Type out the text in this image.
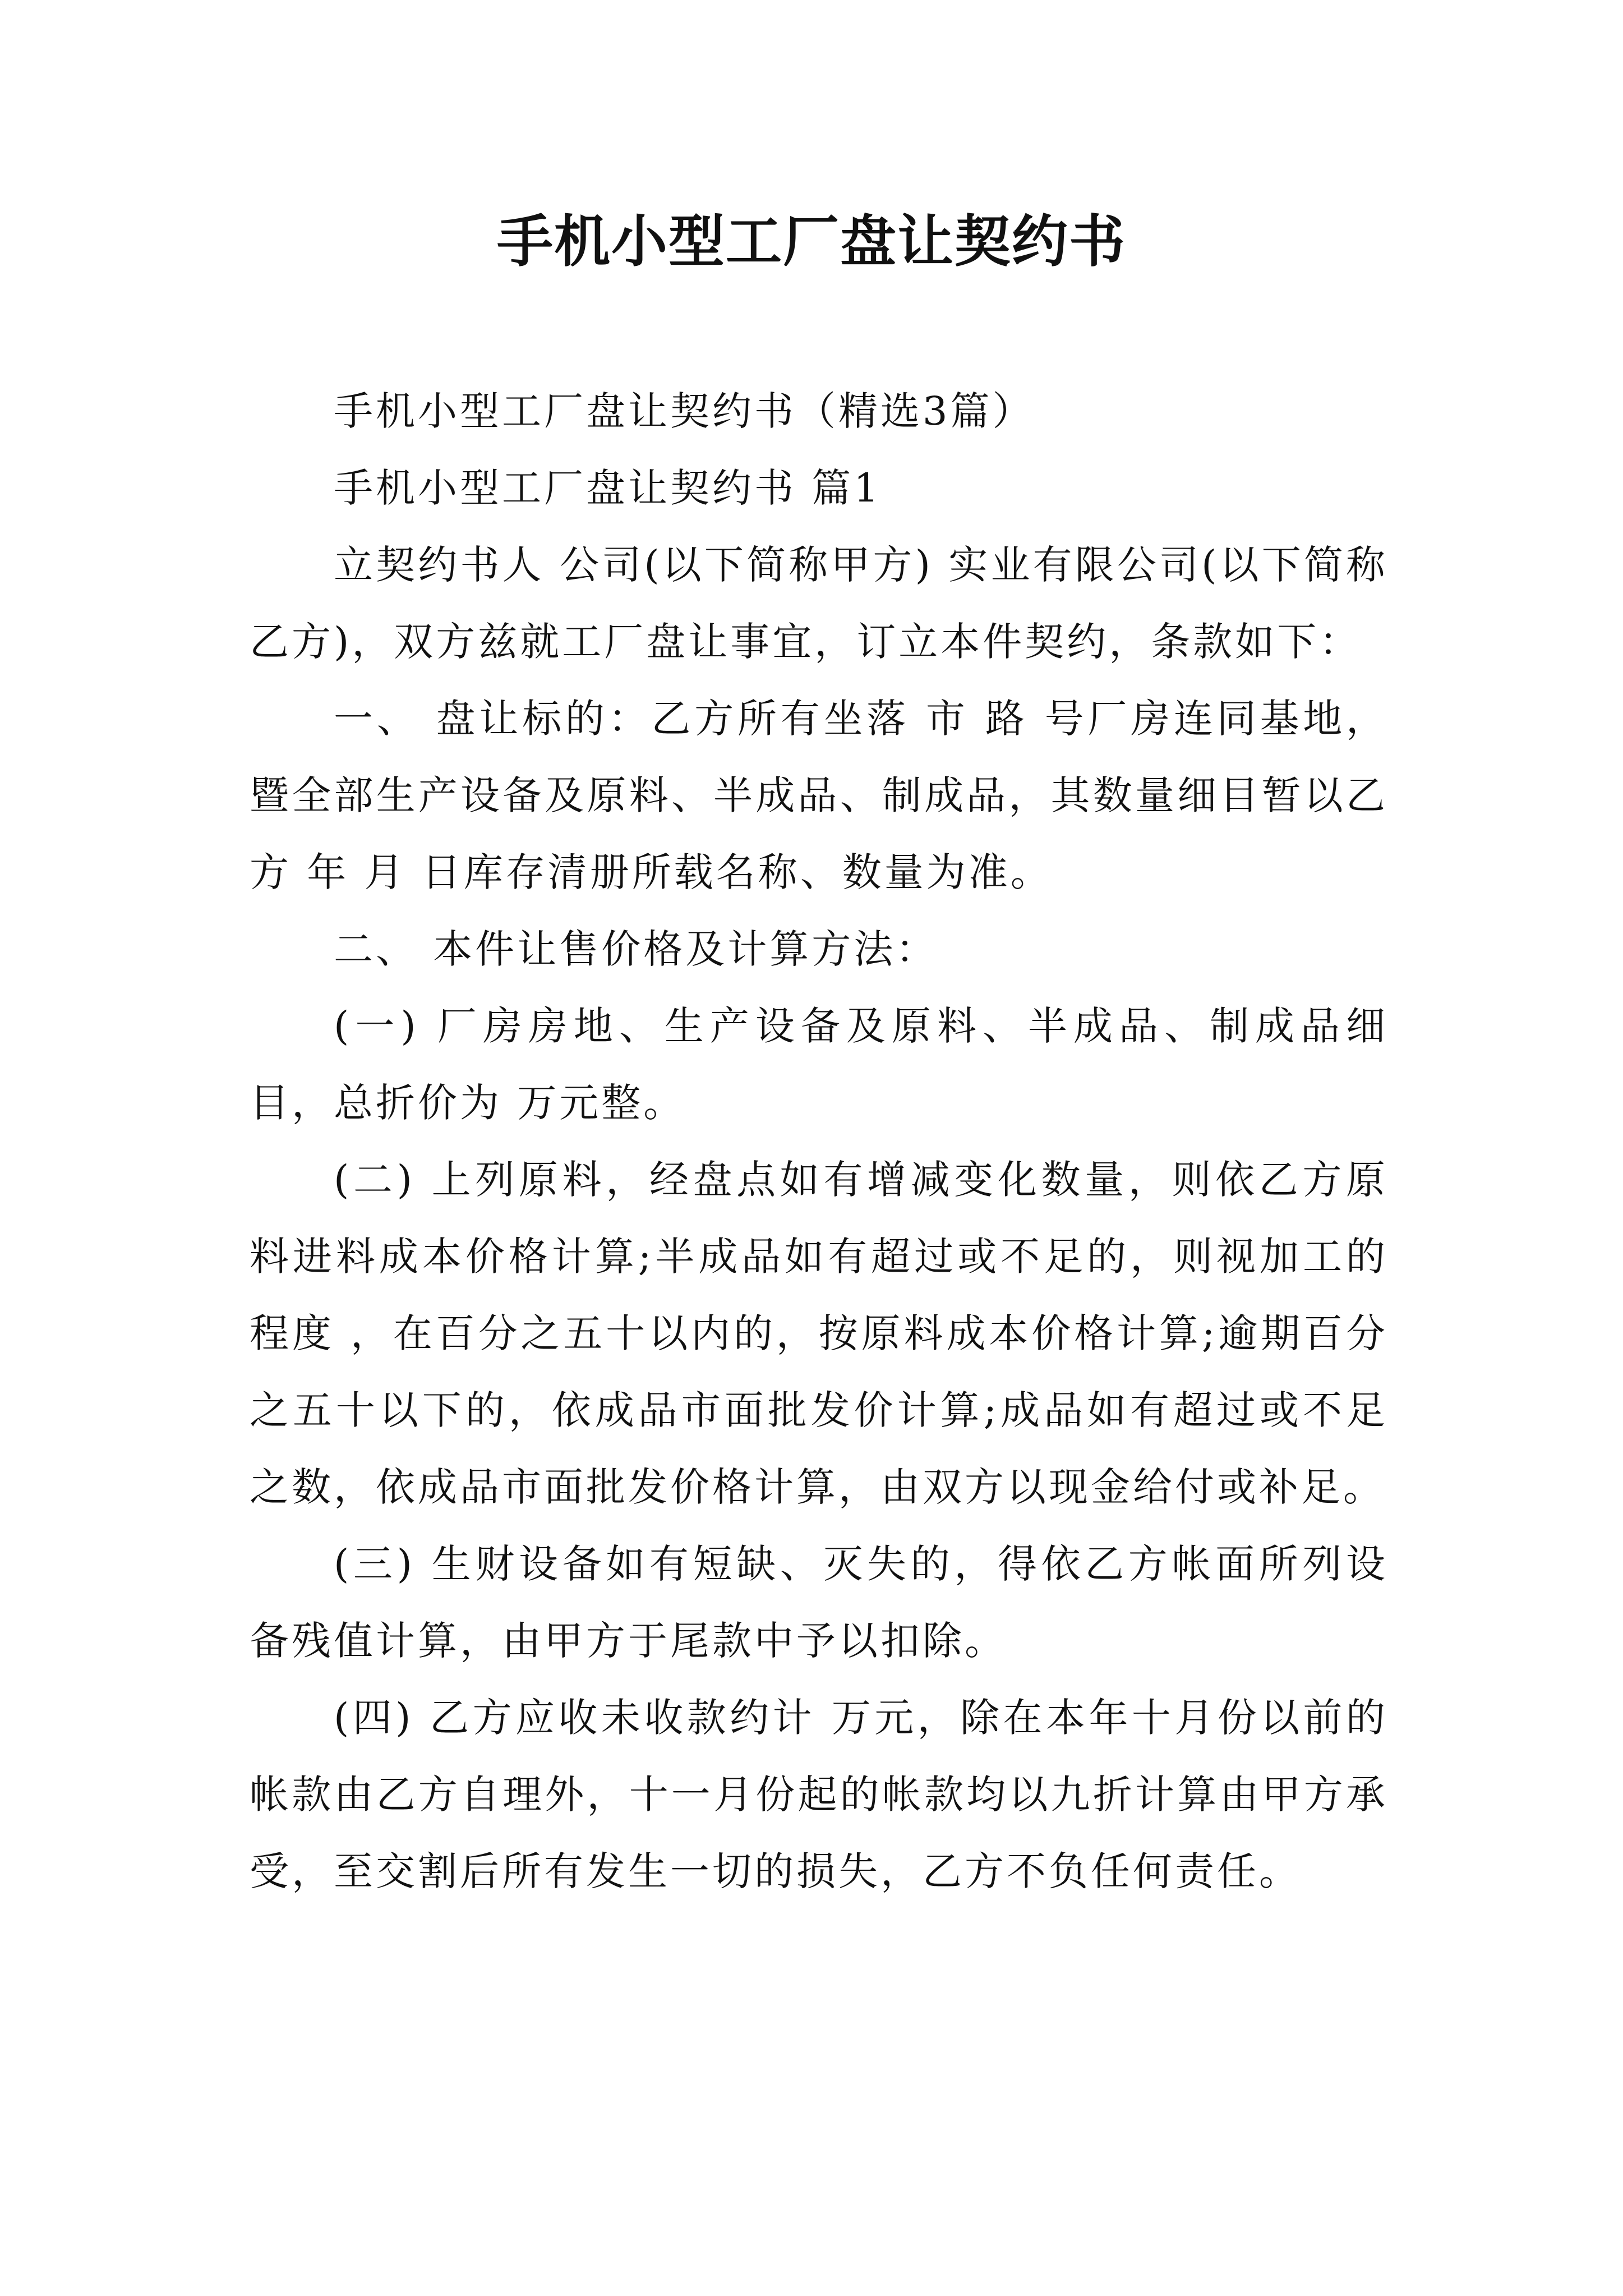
手机小型工厂盘让契约书

手机小型工厂盘让契约书（精选3篇）

手机小型工厂盘让契约书 篇1

立契约书人 公司(以下简称甲方) 实业有限公司(以下简称乙方)，双方兹就工厂盘让事宜，订立本件契约，条款如下：

一、 盘让标的：乙方所有坐落 市 路 号厂房连同基地，暨全部生产设备及原料、半成品、制成品，其数量细目暂以乙方 年 月 日库存清册所载名称、数量为准。

二、 本件让售价格及计算方法：

(一) 厂房房地、生产设备及原料、半成品、制成品细目，总折价为 万元整。

(二) 上列原料，经盘点如有增减变化数量，则依乙方原料进料成本价格计算;半成品如有超过或不足的，则视加工的程度 ，在百分之五十以内的，按原料成本价格计算;逾期百分之五十以下的，依成品市面批发价计算;成品如有超过或不足之数，依成品市面批发价格计算，由双方以现金给付或补足。

(三) 生财设备如有短缺、灭失的，得依乙方帐面所列设备残值计算，由甲方于尾款中予以扣除。

(四) 乙方应收未收款约计 万元，除在本年十月份以前的帐款由乙方自理外，十一月份起的帐款均以九折计算由甲方承受，至交割后所有发生一切的损失，乙方不负任何责任。
